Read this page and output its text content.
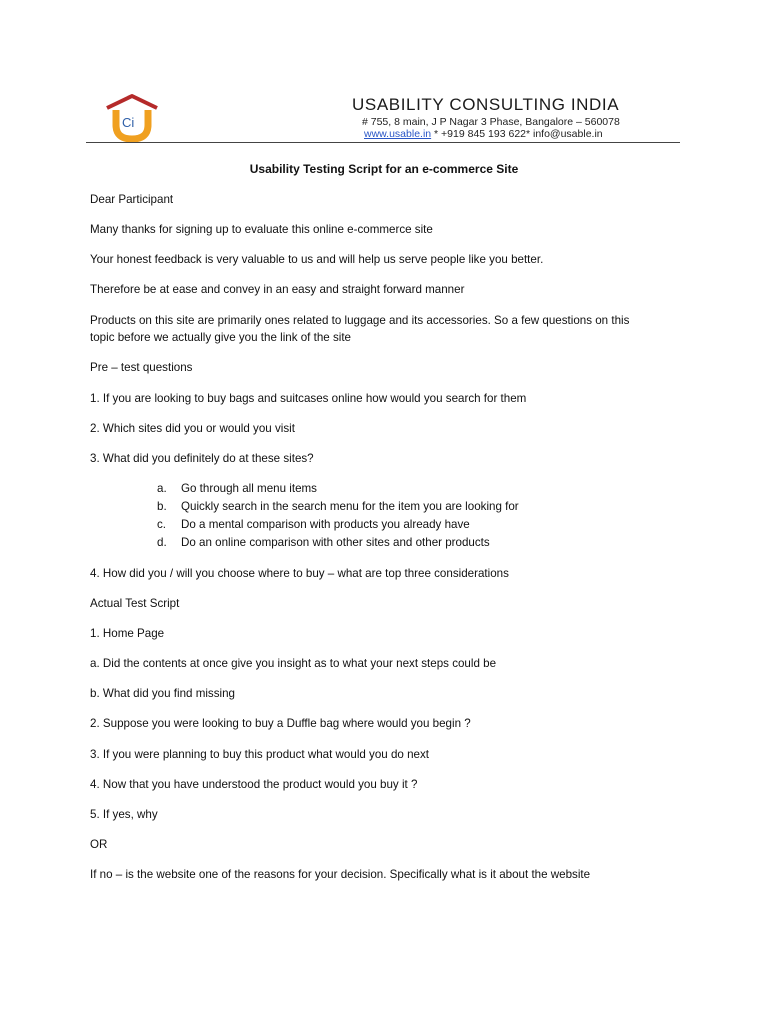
Ci
USABILITY CONSULTING INDIA
# 755, 8 main, J P Nagar 3 Phase, Bangalore – 560078
www.usable.in * +919 845 193 622* info@usable.in
Usability Testing Script for an e-commerce Site
Dear Participant
Many thanks for signing up to evaluate this online e-commerce site
Your honest feedback is very valuable to us and will help us serve people like you better.
Therefore be at ease and convey in an easy and straight forward manner
Products on this site are primarily ones related to luggage and its accessories. So a few questions on this
topic before we actually give you the link of the site
Pre – test questions
1. If you are looking to buy bags and suitcases online how would you search for them
2. Which sites did you or would you visit
3. What did you definitely do at these sites?
a. Go through all menu items
b. Quickly search in the search menu for the item you are looking for
c. Do a mental comparison with products you already have
d. Do an online comparison with other sites and other products
4. How did you / will you choose where to buy – what are top three considerations
Actual Test Script
1. Home Page
a. Did the contents at once give you insight as to what your next steps could be
b. What did you find missing
2. Suppose you were looking to buy a Duffle bag where would you begin ?
3. If you were planning to buy this product what would you do next
4. Now that you have understood the product would you buy it ?
5. If yes, why
OR
If no – is the website one of the reasons for your decision. Specifically what is it about the website
